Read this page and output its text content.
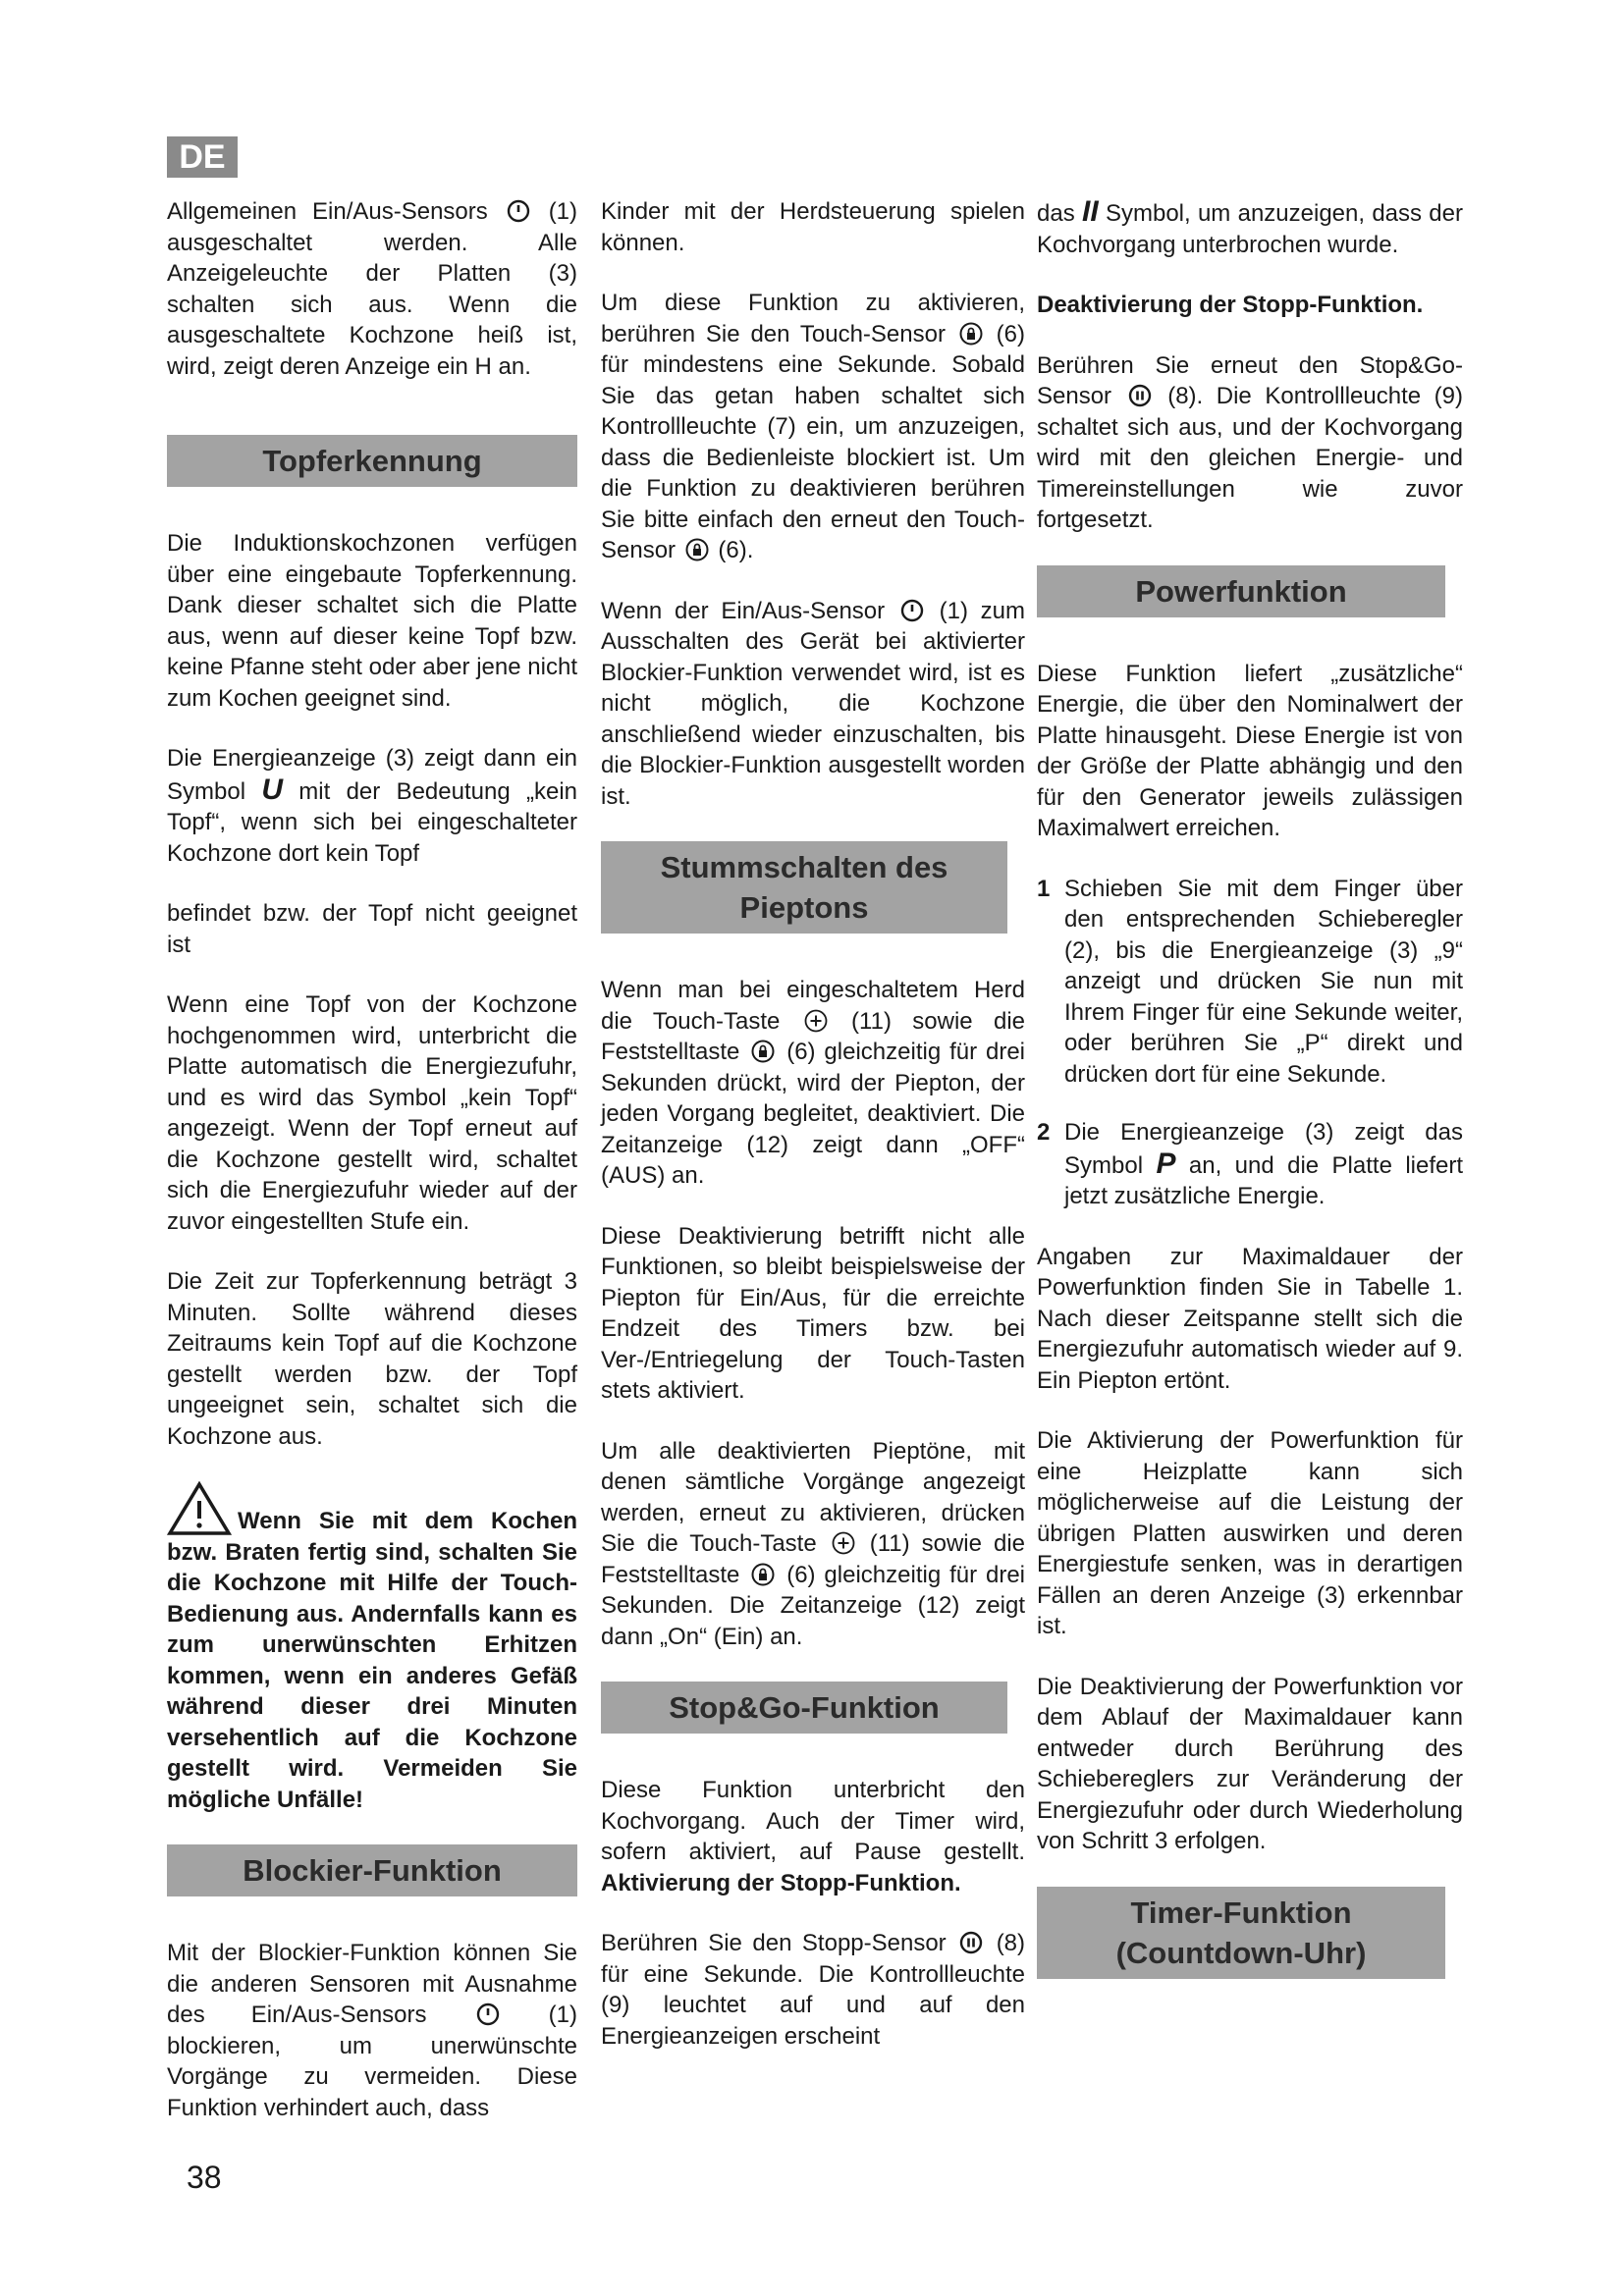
DE

Allgemeinen Ein/Aus-Sensors	(1) ausgeschaltet werden. Alle Anzeigeleuchte der Platten (3) schalten sich aus. Wenn die ausgeschaltete Kochzone heiß ist, wird, zeigt deren Anzeige ein H an.

Topferkennung

Die Induktionskochzonen verfügen über eine eingebaute Topferkennung. Dank dieser schaltet sich die Platte aus, wenn auf dieser keine Topf bzw. keine Pfanne steht oder aber jene nicht zum Kochen geeignet sind.

Die Energieanzeige (3) zeigt dann ein Symbol U mit der Bedeutung „kein Topf“, wenn sich bei eingeschalteter Kochzone dort kein Topf

befindet bzw. der Topf nicht geeignet ist

Wenn eine Topf von der Kochzone hochgenommen wird, unterbricht die Platte automatisch die Energiezufuhr, und es wird das Symbol „kein Topf“ angezeigt. Wenn der Topf erneut auf die Kochzone gestellt wird, schaltet sich die Energiezufuhr wieder auf der zuvor eingestellten Stufe ein.

Die Zeit zur Topferkennung beträgt 3 Minuten. Sollte während dieses Zeitraums kein Topf auf die Kochzone gestellt werden bzw. der Topf ungeeignet sein, schaltet sich die Kochzone aus.

Wenn Sie mit dem Kochen bzw. Braten fertig sind, schalten Sie die Kochzone mit Hilfe der Touch-Bedienung aus. Andernfalls kann es zum unerwünschten Erhitzen kommen, wenn ein anderes Gefäß während dieser drei Minuten versehentlich auf die Kochzone gestellt wird. Vermeiden Sie mögliche Unfälle!

Blockier-Funktion

Mit der Blockier-Funktion können Sie die anderen Sensoren mit Ausnahme des Ein/Aus-Sensors	(1) blockieren, um unerwünschte Vorgänge zu vermeiden. Diese Funktion verhindert auch, dass

Kinder mit der Herdsteuerung spielen können.

Um diese Funktion zu aktivieren, berühren Sie den Touch-Sensor (6) für mindestens eine Sekunde. Sobald Sie das getan haben schaltet sich Kontrollleuchte (7) ein, um anzuzeigen, dass die Bedienleiste blockiert ist. Um die Funktion zu deaktivieren berühren Sie bitte einfach den erneut den Touch-Sensor (6).

Wenn der Ein/Aus-Sensor (1) zum Ausschalten des Gerät bei aktivierter Blockier-Funktion verwendet wird, ist es nicht möglich, die Kochzone anschließend wieder einzuschalten, bis die Blockier-Funktion ausgestellt worden ist.

Stummschalten des Pieptons

Wenn man bei eingeschaltetem Herd die Touch-Taste	(11) sowie die Feststelltaste (6) gleichzeitig für drei Sekunden drückt, wird der Piepton, der jeden Vorgang begleitet, deaktiviert. Die Zeitanzeige (12) zeigt dann „OFF“ (AUS) an.

Diese Deaktivierung betrifft nicht alle Funktionen, so bleibt beispielsweise der Piepton für Ein/Aus, für die erreichte Endzeit des Timers bzw. bei Ver-/Entriegelung der Touch-Tasten stets aktiviert.

Um alle deaktivierten Pieptöne, mit denen sämtliche Vorgänge angezeigt werden, erneut zu aktivieren, drücken Sie die Touch-Taste (11) sowie die Feststelltaste (6) gleichzeitig für drei Sekunden. Die Zeitanzeige (12) zeigt dann „On“ (Ein) an.

Stop&Go-Funktion

Diese Funktion unterbricht den Kochvorgang. Auch der Timer wird, sofern aktiviert, auf Pause gestellt. Aktivierung der Stopp-Funktion.

Berühren Sie den Stopp-Sensor (8) für eine Sekunde. Die Kontrollleuchte (9) leuchtet auf und auf den Energieanzeigen erscheint

das II Symbol, um anzuzeigen, dass der Kochvorgang unterbrochen wurde.

Deaktivierung der Stopp-Funktion.

Berühren Sie erneut den Stop&Go-Sensor (8). Die Kontrollleuchte (9) schaltet sich aus, und der Kochvorgang wird mit den gleichen Energie- und Timereinstellungen wie zuvor fortgesetzt.

Powerfunktion

Diese Funktion liefert „zusätzliche“ Energie, die über den Nominalwert der Platte hinausgeht. Diese Energie ist von der Größe der Platte abhängig und den für den Generator jeweils zulässigen Maximalwert erreichen.

1 Schieben Sie mit dem Finger über den entsprechenden Schieberegler (2), bis die Energieanzeige (3) „9“ anzeigt und drücken Sie nun mit Ihrem Finger für eine Sekunde weiter, oder berühren Sie „P“ direkt und drücken dort für eine Sekunde.
2 Die Energieanzeige (3) zeigt das Symbol P an, und die Platte liefert jetzt zusätzliche Energie.

Angaben zur Maximaldauer der Powerfunktion finden Sie in Tabelle 1. Nach dieser Zeitspanne stellt sich die Energiezufuhr automatisch wieder auf 9. Ein Piepton ertönt.

Die Aktivierung der Powerfunktion für eine Heizplatte kann sich möglicherweise auf die Leistung der übrigen Platten auswirken und deren Energiestufe senken, was in derartigen Fällen an deren Anzeige (3) erkennbar ist.

Die Deaktivierung der Powerfunktion vor dem Ablauf der Maximaldauer kann entweder durch Berührung des Schiebereglers zur Veränderung der Energiezufuhr oder durch Wiederholung von Schritt 3 erfolgen.

Timer-Funktion (Countdown-Uhr)
38
